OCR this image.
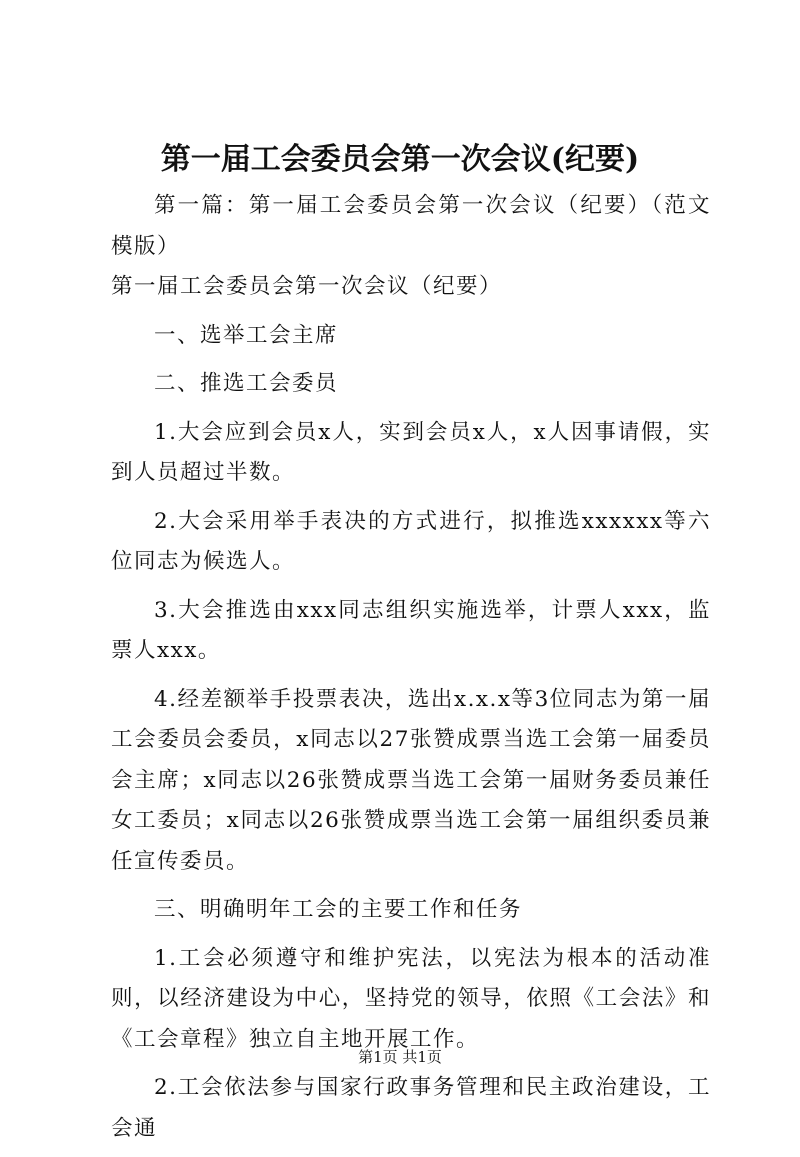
第一届工会委员会第一次会议(纪要)

第一篇：第一届工会委员会第一次会议（纪要）（范文模版）

第一届工会委员会第一次会议（纪要）

一、选举工会主席

二、推选工会委员

1.大会应到会员x人，实到会员x人，x人因事请假，实到人员超过半数。

2.大会采用举手表决的方式进行，拟推选xxxxxx等六位同志为候选人。

3.大会推选由xxx同志组织实施选举，计票人xxx，监票人xxx。

4.经差额举手投票表决，选出x.x.x等3位同志为第一届工会委员会委员，x同志以27张赞成票当选工会第一届委员会主席；x同志以26张赞成票当选工会第一届财务委员兼任女工委员；x同志以26张赞成票当选工会第一届组织委员兼任宣传委员。

三、明确明年工会的主要工作和任务

1.工会必须遵守和维护宪法，以宪法为根本的活动准则，以经济建设为中心，坚持党的领导，依照《工会法》和《工会章程》独立自主地开展工作。

2.工会依法参与国家行政事务管理和民主政治建设，工会通

第1页 共1页
